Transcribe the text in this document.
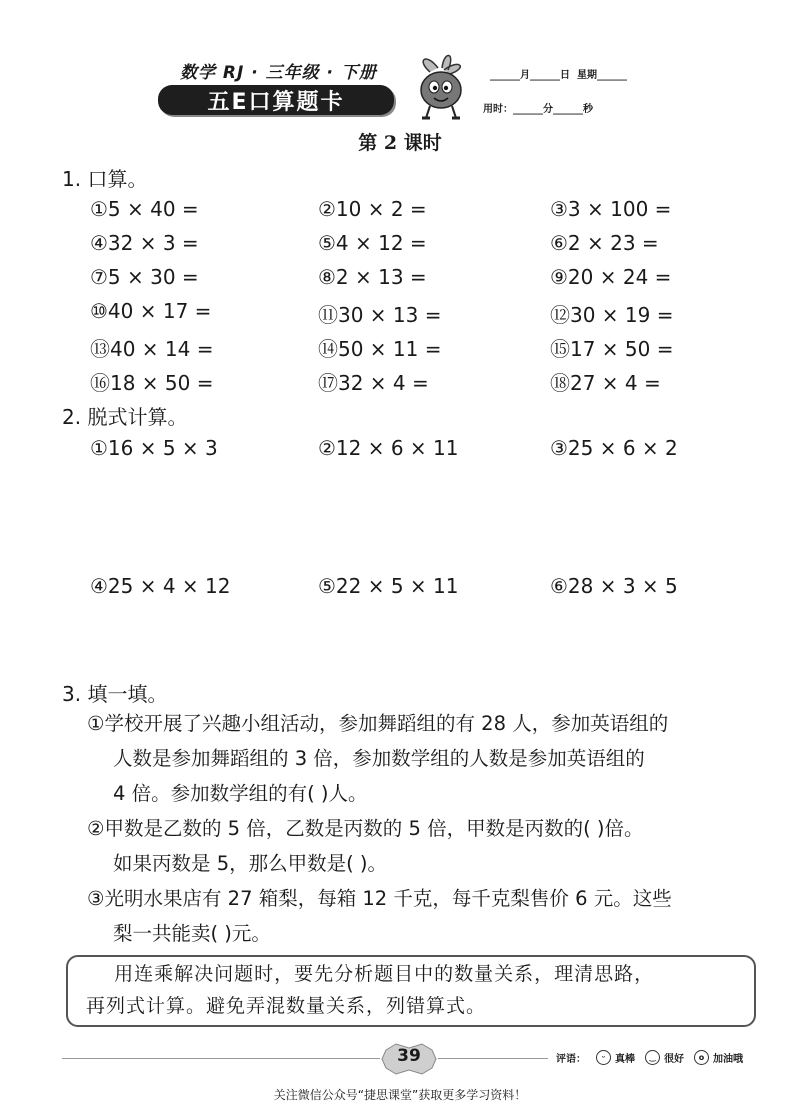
数学 RJ · 三年级 · 下册
五E口算题卡
______月______日  星期______
用时：______分______秒
第 2 课时
1. 口算。
①5 × 40 =	②10 × 2 =	③3 × 100 =
④32 × 3 =	⑤4 × 12 =	⑥2 × 23 =
⑦5 × 30 =	⑧2 × 13 =	⑨20 × 24 =
⑩40 × 17 =	⑪30 × 13 =	⑫30 × 19 =
⑬40 × 14 =	⑭50 × 11 =	⑮17 × 50 =
⑯18 × 50 =	⑰32 × 4 =	⑱27 × 4 =
2. 脱式计算。
①16 × 5 × 3	②12 × 6 × 11	③25 × 6 × 2
④25 × 4 × 12	⑤22 × 5 × 11	⑥28 × 3 × 5
3. 填一填。
①学校开展了兴趣小组活动，参加舞蹈组的有 28 人，参加英语组的
人数是参加舞蹈组的 3 倍，参加数学组的人数是参加英语组的
4 倍。参加数学组的有( )人。
②甲数是乙数的 5 倍，乙数是丙数的 5 倍，甲数是丙数的( )倍。
如果丙数是 5，那么甲数是( )。
③光明水果店有 27 箱梨，每箱 12 千克，每千克梨售价 6 元。这些
梨一共能卖( )元。
用连乘解决问题时，要先分析题目中的数量关系，理清思路，
再列式计算。避免弄混数量关系，列错算式。
39	评语：	ᵕ 真棒	‿ 很好	o 加油哦
关注微信公众号“捷思课堂”获取更多学习资料！
